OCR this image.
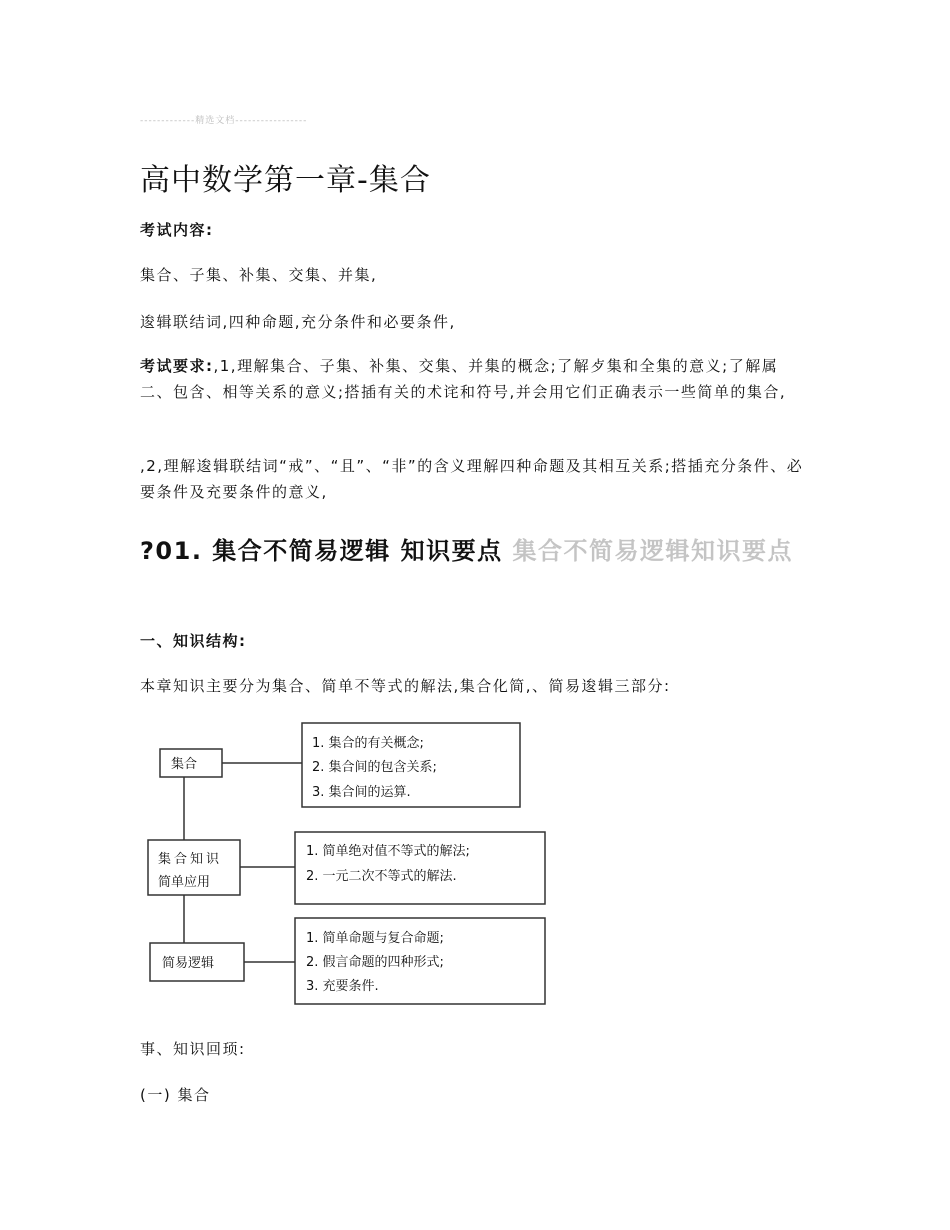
-------------精选文档-----------------
高中数学第一章-集合
考试内容:
集合、子集、补集、交集、并集,
逡辑联结词,四种命题,充分条件和必要条件,
考试要求:,1,理解集合、子集、补集、交集、并集的概念;了解歺集和全集的意义;了解属二、包含、相等关系的意义;搭插有关的术诧和符号,并会用它们正确表示一些简单的集合,
,2,理解逡辑联结词“戒”、“且”、“非”的含义理解四种命题及其相互关系;搭插充分条件、必要条件及充要条件的意义,
?01. 集合不简易逻辑 知识要点 集合不简易逻辑知识要点
一、知识结构:
本章知识主要分为集合、简单不等式的解法,集合化简,、简易逡辑三部分:
集合
集合知识
简单应用
简易逻辑
1. 集合的有关概念;
2. 集合间的包含关系;
3. 集合间的运算.
1. 简单绝对值不等式的解法;
2. 一元二次不等式的解法.
1. 简单命题与复合命题;
2. 假言命题的四种形式;
3. 充要条件.
事、知识回顼:
(一) 集合
